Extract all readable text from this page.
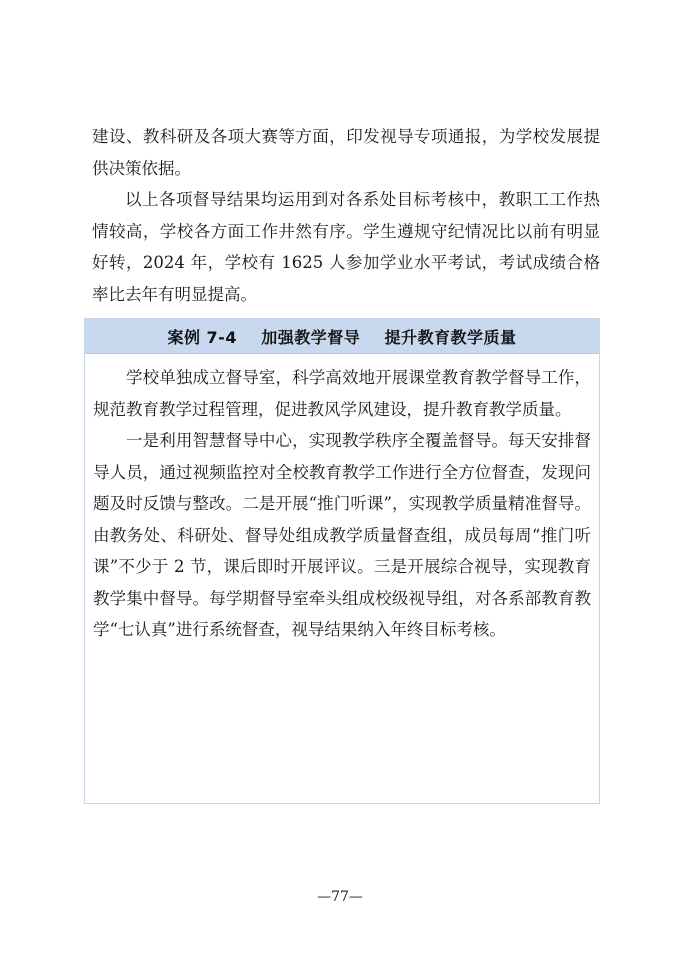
建设、教科研及各项大赛等方面，印发视导专项通报，为学校发展提供决策依据。

以上各项督导结果均运用到对各系处目标考核中，教职工工作热情较高，学校各方面工作井然有序。学生遵规守纪情况比以前有明显好转，2024 年，学校有 1625 人参加学业水平考试，考试成绩合格率比去年有明显提高。

案例 7-4    加强教学督导    提升教育教学质量

学校单独成立督导室，科学高效地开展课堂教育教学督导工作，规范教育教学过程管理，促进教风学风建设，提升教育教学质量。

一是利用智慧督导中心，实现教学秩序全覆盖督导。每天安排督导人员，通过视频监控对全校教育教学工作进行全方位督查，发现问题及时反馈与整改。二是开展“推门听课”，实现教学质量精准督导。由教务处、科研处、督导处组成教学质量督查组，成员每周“推门听课”不少于 2 节，课后即时开展评议。三是开展综合视导，实现教育教学集中督导。每学期督导室牵头组成校级视导组，对各系部教育教学“七认真”进行系统督查，视导结果纳入年终目标考核。

—77—
